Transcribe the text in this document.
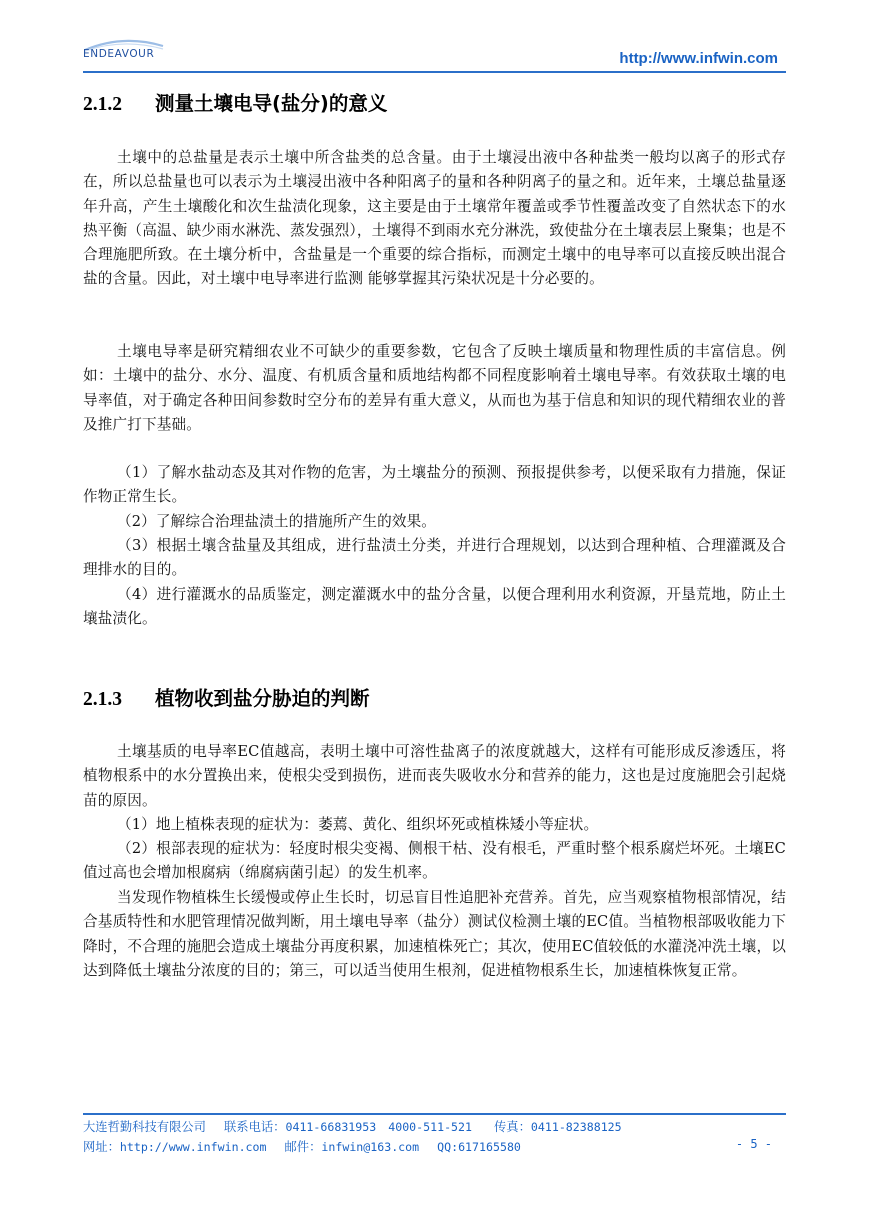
ENDEAVOUR	http://www.infwin.com
2.1.2 测量土壤电导(盐分)的意义

土壤中的总盐量是表示土壤中所含盐类的总含量。由于土壤浸出液中各种盐类一般均以离子的形式存在，所以总盐量也可以表示为土壤浸出液中各种阳离子的量和各种阴离子的量之和。近年来，土壤总盐量逐年升高，产生土壤酸化和次生盐渍化现象，这主要是由于土壤常年覆盖或季节性覆盖改变了自然状态下的水热平衡（高温、缺少雨水淋洗、蒸发强烈），土壤得不到雨水充分淋洗，致使盐分在土壤表层上聚集；也是不合理施肥所致。在土壤分析中，含盐量是一个重要的综合指标，而测定土壤中的电导率可以直接反映出混合盐的含量。因此，对土壤中电导率进行监测 能够掌握其污染状况是十分必要的。

土壤电导率是研究精细农业不可缺少的重要参数，它包含了反映土壤质量和物理性质的丰富信息。例如：土壤中的盐分、水分、温度、有机质含量和质地结构都不同程度影响着土壤电导率。有效获取土壤的电导率值，对于确定各种田间参数时空分布的差异有重大意义，从而也为基于信息和知识的现代精细农业的普及推广打下基础。

（1）了解水盐动态及其对作物的危害，为土壤盐分的预测、预报提供参考，以便采取有力措施，保证作物正常生长。

（2）了解综合治理盐渍土的措施所产生的效果。

（3）根据土壤含盐量及其组成，进行盐渍土分类，并进行合理规划，以达到合理种植、合理灌溉及合理排水的目的。

（4）进行灌溉水的品质鉴定，测定灌溉水中的盐分含量，以便合理利用水利资源，开垦荒地，防止土壤盐渍化。

2.1.3 植物收到盐分胁迫的判断

土壤基质的电导率EC值越高，表明土壤中可溶性盐离子的浓度就越大，这样有可能形成反渗透压，将植物根系中的水分置换出来，使根尖受到损伤，进而丧失吸收水分和营养的能力，这也是过度施肥会引起烧苗的原因。

（1）地上植株表现的症状为：萎蔫、黄化、组织坏死或植株矮小等症状。

（2）根部表现的症状为：轻度时根尖变褐、侧根干枯、没有根毛，严重时整个根系腐烂坏死。土壤EC值过高也会增加根腐病（绵腐病菌引起）的发生机率。

当发现作物植株生长缓慢或停止生长时，切忌盲目性追肥补充营养。首先，应当观察植物根部情况，结合基质特性和水肥管理情况做判断，用土壤电导率（盐分）测试仪检测土壤的EC值。当植物根部吸收能力下降时，不合理的施肥会造成土壤盐分再度积累，加速植株死亡；其次，使用EC值较低的水灌浇冲洗土壤，以达到降低土壤盐分浓度的目的；第三，可以适当使用生根剂，促进植物根系生长，加速植株恢复正常。

大连哲勤科技有限公司 联系电话：0411-66831953 4000-511-521 传真：0411-82388125
网址：http://www.infwin.com 邮件：infwin@163.com QQ:617165580	- 5 -
